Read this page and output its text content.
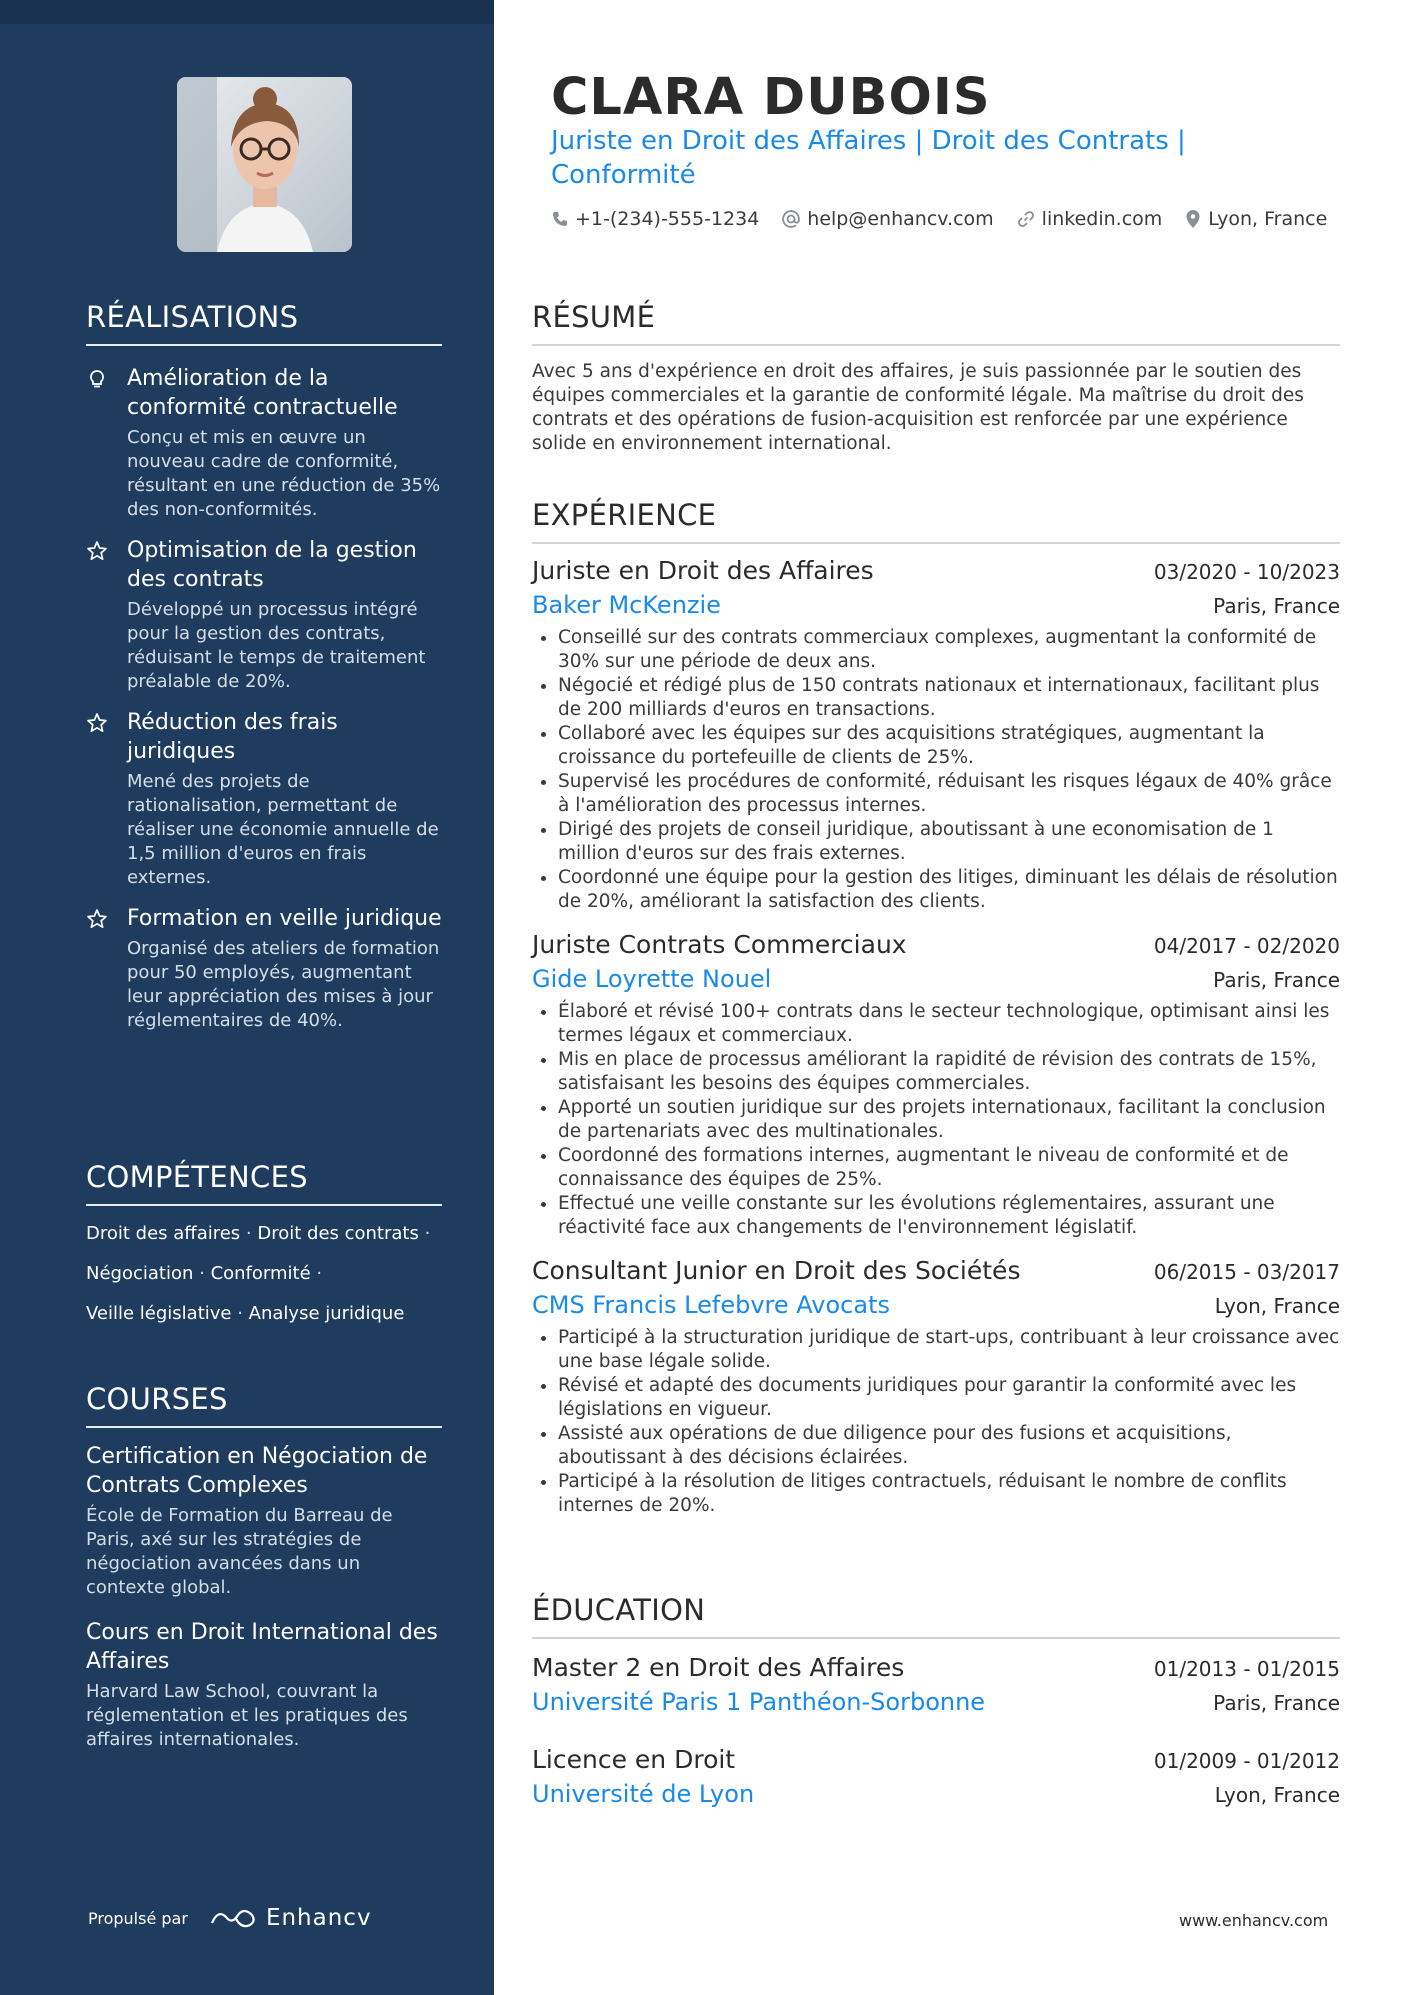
RÉALISATIONS
Amélioration de la conformité contractuelle
Conçu et mis en œuvre un nouveau cadre de conformité, résultant en une réduction de 35% des non-conformités.
Optimisation de la gestion des contrats
Développé un processus intégré pour la gestion des contrats, réduisant le temps de traitement préalable de 20%.
Réduction des frais juridiques
Mené des projets de rationalisation, permettant de réaliser une économie annuelle de 1,5 million d'euros en frais externes.
Formation en veille juridique
Organisé des ateliers de formation pour 50 employés, augmentant leur appréciation des mises à jour réglementaires de 40%.
COMPÉTENCES
Droit des affaires · Droit des contrats ·
Négociation · Conformité ·
Veille législative · Analyse juridique
COURSES
Certification en Négociation de Contrats Complexes
École de Formation du Barreau de Paris, axé sur les stratégies de négociation avancées dans un contexte global.
Cours en Droit International des Affaires
Harvard Law School, couvrant la réglementation et les pratiques des affaires internationales.
Propulsé par	Enhancv
CLARA DUBOIS
Juriste en Droit des Affaires | Droit des Contrats | Conformité
+1-(234)-555-1234	help@enhancv.com	linkedin.com Lyon, France
RÉSUMÉ
Avec 5 ans d'expérience en droit des affaires, je suis passionnée par le soutien des équipes commerciales et la garantie de conformité légale. Ma maîtrise du droit des contrats et des opérations de fusion-acquisition est renforcée par une expérience solide en environnement international.
EXPÉRIENCE
Juriste en Droit des Affaires	03/2020 - 10/2023
Baker McKenzie	Paris, France
• Conseillé sur des contrats commerciaux complexes, augmentant la conformité de 30% sur une période de deux ans.
• Négocié et rédigé plus de 150 contrats nationaux et internationaux, facilitant plus de 200 milliards d'euros en transactions.
• Collaboré avec les équipes sur des acquisitions stratégiques, augmentant la croissance du portefeuille de clients de 25%.
• Supervisé les procédures de conformité, réduisant les risques légaux de 40% grâce à l'amélioration des processus internes.
• Dirigé des projets de conseil juridique, aboutissant à une economisation de 1 million d'euros sur des frais externes.
• Coordonné une équipe pour la gestion des litiges, diminuant les délais de résolution de 20%, améliorant la satisfaction des clients.
Juriste Contrats Commerciaux	04/2017 - 02/2020
Gide Loyrette Nouel	Paris, France
• Élaboré et révisé 100+ contrats dans le secteur technologique, optimisant ainsi les termes légaux et commerciaux.
• Mis en place de processus améliorant la rapidité de révision des contrats de 15%, satisfaisant les besoins des équipes commerciales.
• Apporté un soutien juridique sur des projets internationaux, facilitant la conclusion de partenariats avec des multinationales.
• Coordonné des formations internes, augmentant le niveau de conformité et de connaissance des équipes de 25%.
• Effectué une veille constante sur les évolutions réglementaires, assurant une réactivité face aux changements de l'environnement législatif.
Consultant Junior en Droit des Sociétés	06/2015 - 03/2017
CMS Francis Lefebvre Avocats	Lyon, France
• Participé à la structuration juridique de start-ups, contribuant à leur croissance avec une base légale solide.
• Révisé et adapté des documents juridiques pour garantir la conformité avec les législations en vigueur.
• Assisté aux opérations de due diligence pour des fusions et acquisitions, aboutissant à des décisions éclairées.
• Participé à la résolution de litiges contractuels, réduisant le nombre de conflits internes de 20%.
ÉDUCATION
Master 2 en Droit des Affaires	01/2013 - 01/2015
Université Paris 1 Panthéon-Sorbonne	Paris, France
Licence en Droit	01/2009 - 01/2012
Université de Lyon	Lyon, France
www.enhancv.com
